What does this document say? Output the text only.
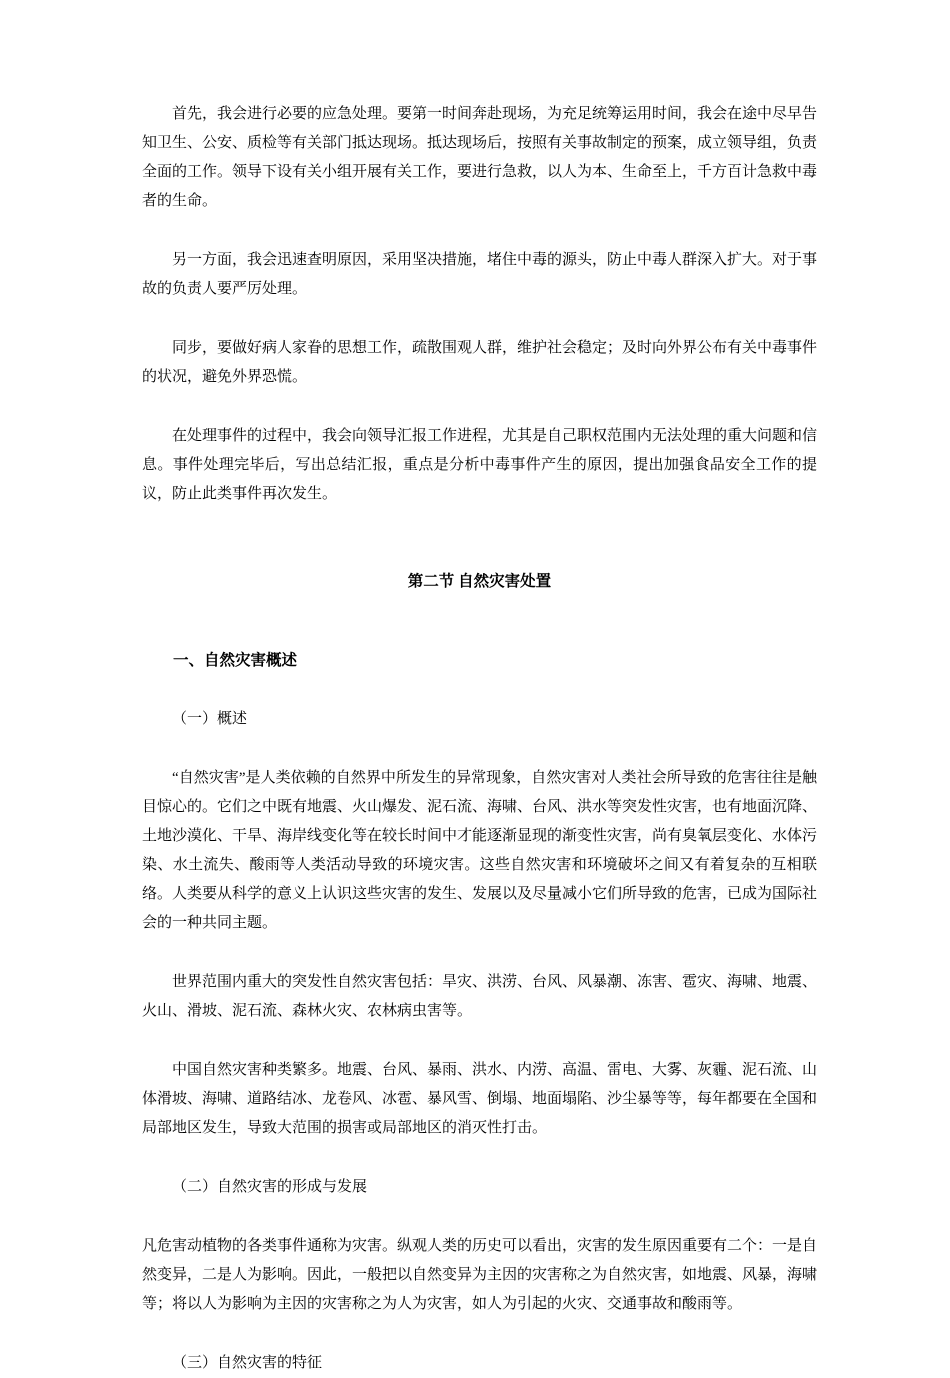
首先，我会进行必要的应急处理。要第一时间奔赴现场，为充足统筹运用时间，我会在途中尽早告知卫生、公安、质检等有关部门抵达现场。抵达现场后，按照有关事故制定的预案，成立领导组，负责全面的工作。领导下设有关小组开展有关工作，要进行急救，以人为本、生命至上，千方百计急救中毒者的生命。

另一方面，我会迅速查明原因，采用坚决措施，堵住中毒的源头，防止中毒人群深入扩大。对于事故的负责人要严厉处理。

同步，要做好病人家眷的思想工作，疏散围观人群，维护社会稳定；及时向外界公布有关中毒事件的状况，避免外界恐慌。

在处理事件的过程中，我会向领导汇报工作进程，尤其是自己职权范围内无法处理的重大问题和信息。事件处理完毕后，写出总结汇报，重点是分析中毒事件产生的原因，提出加强食品安全工作的提议，防止此类事件再次发生。

第二节 自然灾害处置
一、自然灾害概述

（一）概述

“自然灾害”是人类依赖的自然界中所发生的异常现象，自然灾害对人类社会所导致的危害往往是触目惊心的。它们之中既有地震、火山爆发、泥石流、海啸、台风、洪水等突发性灾害，也有地面沉降、土地沙漠化、干旱、海岸线变化等在较长时间中才能逐渐显现的渐变性灾害，尚有臭氧层变化、水体污染、水土流失、酸雨等人类活动导致的环境灾害。这些自然灾害和环境破坏之间又有着复杂的互相联络。人类要从科学的意义上认识这些灾害的发生、发展以及尽量减小它们所导致的危害，已成为国际社会的一种共同主题。

世界范围内重大的突发性自然灾害包括：旱灾、洪涝、台风、风暴潮、冻害、雹灾、海啸、地震、火山、滑坡、泥石流、森林火灾、农林病虫害等。

中国自然灾害种类繁多。地震、台风、暴雨、洪水、内涝、高温、雷电、大雾、灰霾、泥石流、山体滑坡、海啸、道路结冰、龙卷风、冰雹、暴风雪、倒塌、地面塌陷、沙尘暴等等，每年都要在全国和局部地区发生，导致大范围的损害或局部地区的消灭性打击。

（二）自然灾害的形成与发展

凡危害动植物的各类事件通称为灾害。纵观人类的历史可以看出，灾害的发生原因重要有二个：一是自然变异，二是人为影响。因此，一般把以自然变异为主因的灾害称之为自然灾害，如地震、风暴，海啸等；将以人为影响为主因的灾害称之为人为灾害，如人为引起的火灾、交通事故和酸雨等。

（三）自然灾害的特征
